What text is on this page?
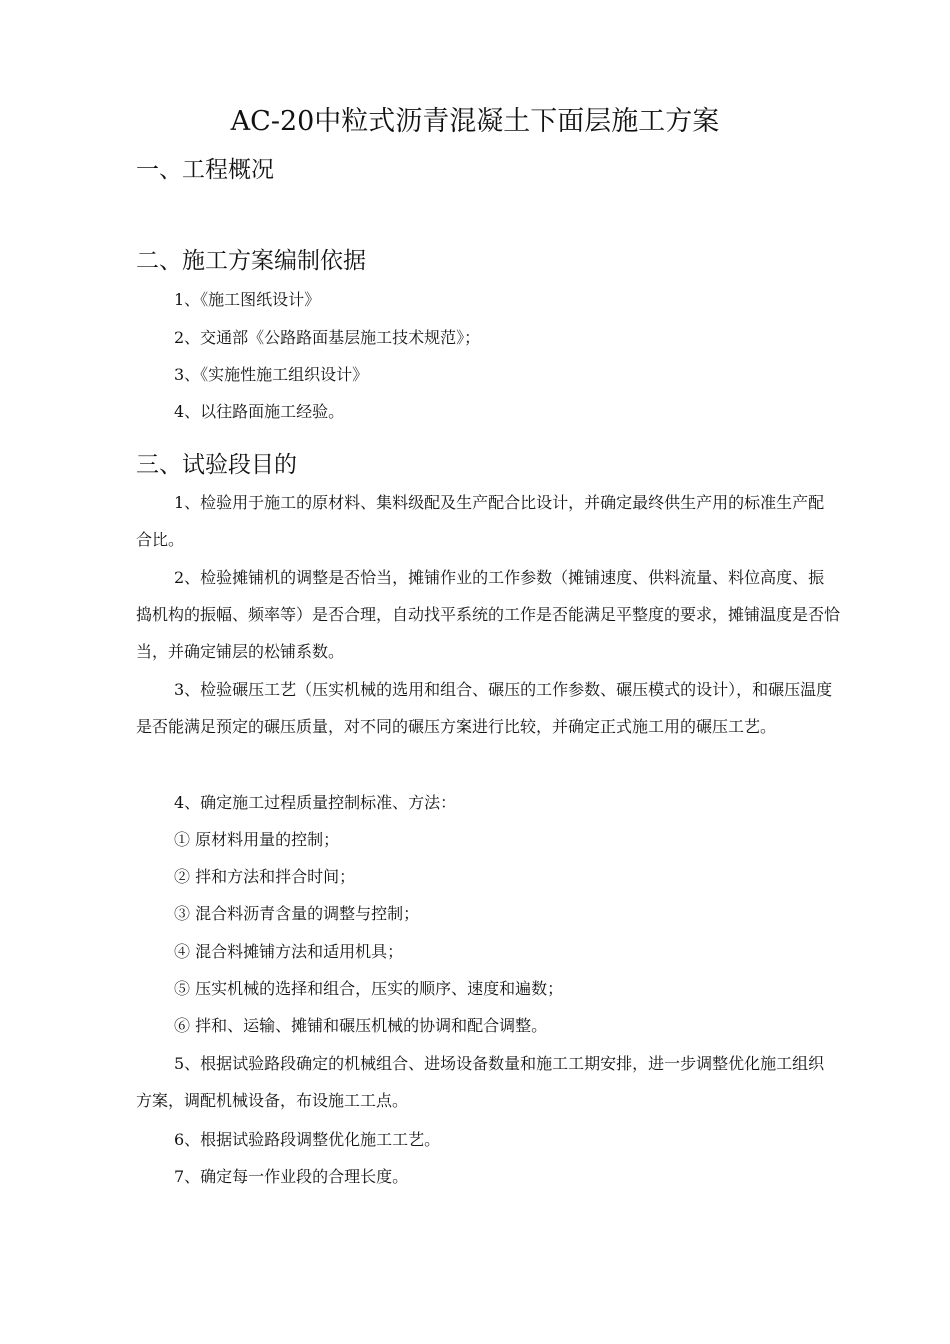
AC-20中粒式沥青混凝土下面层施工方案
一、工程概况
二、施工方案编制依据
1、《施工图纸设计》
2、交通部《公路路面基层施工技术规范》；
3、《实施性施工组织设计》
4、以往路面施工经验。
三、试验段目的

1、检验用于施工的原材料、集料级配及生产配合比设计，并确定最终供生产用的标准生产配合比。

2、检验摊铺机的调整是否恰当，摊铺作业的工作参数（摊铺速度、供料流量、料位高度、振捣机构的振幅、频率等）是否合理，自动找平系统的工作是否能满足平整度的要求，摊铺温度是否恰当，并确定铺层的松铺系数。

3、检验碾压工艺（压实机械的选用和组合、碾压的工作参数、碾压模式的设计），和碾压温度是否能满足预定的碾压质量，对不同的碾压方案进行比较，并确定正式施工用的碾压工艺。

4、确定施工过程质量控制标准、方法：
① 原材料用量的控制；
② 拌和方法和拌合时间；
③ 混合料沥青含量的调整与控制；
④ 混合料摊铺方法和适用机具；
⑤ 压实机械的选择和组合，压实的顺序、速度和遍数；
⑥ 拌和、运输、摊铺和碾压机械的协调和配合调整。

5、根据试验路段确定的机械组合、进场设备数量和施工工期安排，进一步调整优化施工组织方案，调配机械设备，布设施工工点。

6、根据试验路段调整优化施工工艺。
7、确定每一作业段的合理长度。
